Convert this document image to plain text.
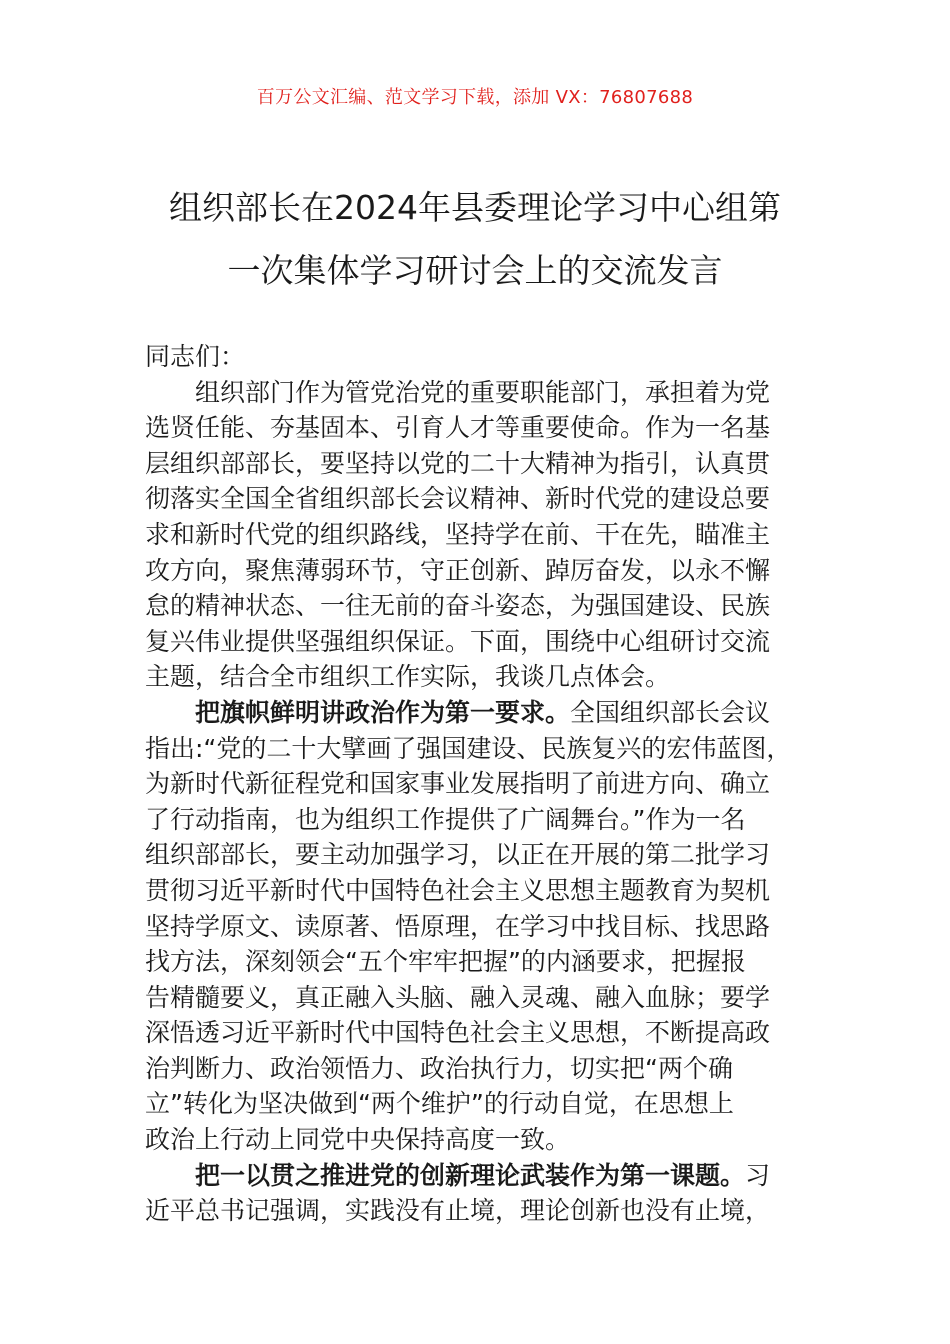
百万公文汇编、范文学习下载，添加 VX：76807688
组织部长在2024年县委理论学习中心组第
一次集体学习研讨会上的交流发言
同志们：
组织部门作为管党治党的重要职能部门，承担着为党
选贤任能、夯基固本、引育人才等重要使命。作为一名基
层组织部部长，要坚持以党的二十大精神为指引，认真贯
彻落实全国全省组织部长会议精神、新时代党的建设总要
求和新时代党的组织路线，坚持学在前、干在先，瞄准主
攻方向，聚焦薄弱环节，守正创新、踔厉奋发，以永不懈
怠的精神状态、一往无前的奋斗姿态，为强国建设、民族
复兴伟业提供坚强组织保证。下面，围绕中心组研讨交流
主题，结合全市组织工作实际，我谈几点体会。
把旗帜鲜明讲政治作为第一要求。全国组织部长会议
指出:“党的二十大擘画了强国建设、民族复兴的宏伟蓝图，
为新时代新征程党和国家事业发展指明了前进方向、确立
了行动指南，也为组织工作提供了广阔舞台。”作为一名
组织部部长，要主动加强学习，以正在开展的第二批学习
贯彻习近平新时代中国特色社会主义思想主题教育为契机
坚持学原文、读原著、悟原理，在学习中找目标、找思路
找方法，深刻领会“五个牢牢把握”的内涵要求，把握报
告精髓要义，真正融入头脑、融入灵魂、融入血脉；要学
深悟透习近平新时代中国特色社会主义思想，不断提高政
治判断力、政治领悟力、政治执行力，切实把“两个确
立”转化为坚决做到“两个维护”的行动自觉，在思想上
政治上行动上同党中央保持高度一致。
把一以贯之推进党的创新理论武装作为第一课题。习
近平总书记强调，实践没有止境，理论创新也没有止境，
